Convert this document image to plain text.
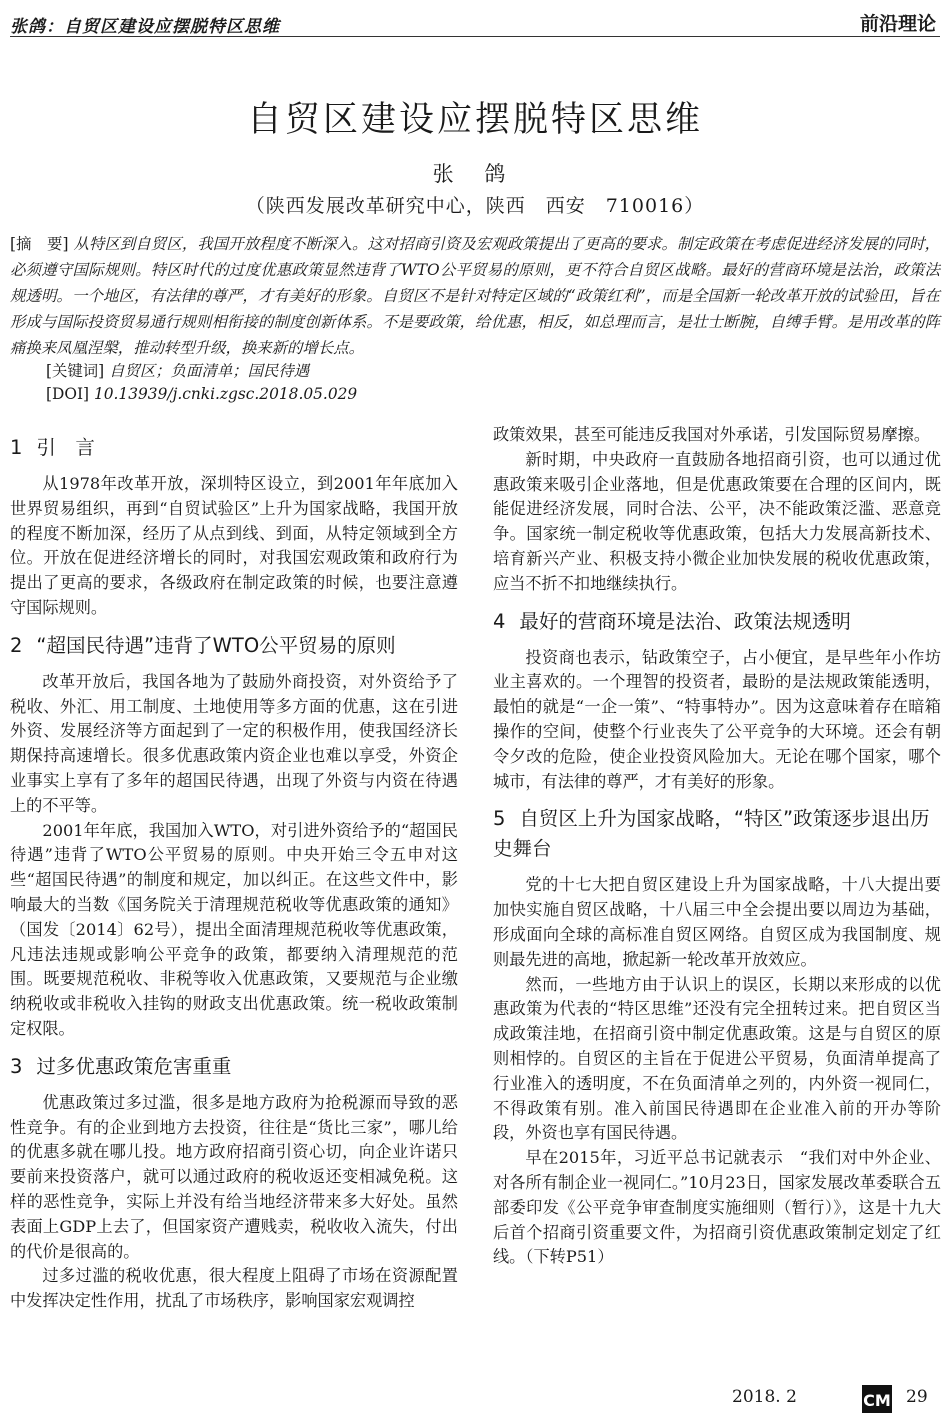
张鸽：自贸区建设应摆脱特区思维	前沿理论
自贸区建设应摆脱特区思维
张 鸽
（陕西发展改革研究中心，陕西　西安　710016）
[摘　要] 从特区到自贸区，我国开放程度不断深入。这对招商引资及宏观政策提出了更高的要求。制定政策在考虑促进经济发展的同时，必须遵守国际规则。特区时代的过度优惠政策显然违背了WTO公平贸易的原则，更不符合自贸区战略。最好的营商环境是法治，政策法规透明。一个地区，有法律的尊严，才有美好的形象。自贸区不是针对特定区域的“政策红利”，而是全国新一轮改革开放的试验田，旨在形成与国际投资贸易通行规则相衔接的制度创新体系。不是要政策，给优惠，相反，如总理而言，是壮士断腕，自缚手臂。是用改革的阵痛换来凤凰涅槃，推动转型升级，换来新的增长点。
[关键词] 自贸区；负面清单；国民待遇
[DOI] 10.13939/j.cnki.zgsc.2018.05.029
1 引　言

从1978年改革开放，深圳特区设立，到2001年年底加入世界贸易组织，再到“自贸试验区”上升为国家战略，我国开放的程度不断加深，经历了从点到线、到面，从特定领域到全方位。开放在促进经济增长的同时，对我国宏观政策和政府行为提出了更高的要求，各级政府在制定政策的时候，也要注意遵守国际规则。

2 “超国民待遇”违背了WTO公平贸易的原则

改革开放后，我国各地为了鼓励外商投资，对外资给予了税收、外汇、用工制度、土地使用等多方面的优惠，这在引进外资、发展经济等方面起到了一定的积极作用，使我国经济长期保持高速增长。很多优惠政策内资企业也难以享受，外资企业事实上享有了多年的超国民待遇，出现了外资与内资在待遇上的不平等。

2001年年底，我国加入WTO，对引进外资给予的“超国民待遇”违背了WTO公平贸易的原则。中央开始三令五申对这些“超国民待遇”的制度和规定，加以纠正。在这些文件中，影响最大的当数《国务院关于清理规范税收等优惠政策的通知》（国发〔2014〕62号），提出全面清理规范税收等优惠政策，凡违法违规或影响公平竞争的政策，都要纳入清理规范的范围。既要规范税收、非税等收入优惠政策，又要规范与企业缴纳税收或非税收入挂钩的财政支出优惠政策。统一税收政策制定权限。

3 过多优惠政策危害重重

优惠政策过多过滥，很多是地方政府为抢税源而导致的恶性竞争。有的企业到地方去投资，往往是“货比三家”，哪儿给的优惠多就在哪儿投。地方政府招商引资心切，向企业许诺只要前来投资落户，就可以通过政府的税收返还变相减免税。这样的恶性竞争，实际上并没有给当地经济带来多大好处。虽然表面上GDP上去了，但国家资产遭贱卖，税收收入流失，付出的代价是很高的。

过多过滥的税收优惠，很大程度上阻碍了市场在资源配置中发挥决定性作用，扰乱了市场秩序，影响国家宏观调控

政策效果，甚至可能违反我国对外承诺，引发国际贸易摩擦。

新时期，中央政府一直鼓励各地招商引资，也可以通过优惠政策来吸引企业落地，但是优惠政策要在合理的区间内，既能促进经济发展，同时合法、公平，决不能政策泛滥、恶意竞争。国家统一制定税收等优惠政策，包括大力发展高新技术、培育新兴产业、积极支持小微企业加快发展的税收优惠政策，应当不折不扣地继续执行。

4 最好的营商环境是法治、政策法规透明

投资商也表示，钻政策空子，占小便宜，是早些年小作坊业主喜欢的。一个理智的投资者，最盼的是法规政策能透明，最怕的就是“一企一策”、“特事特办”。因为这意味着存在暗箱操作的空间，使整个行业丧失了公平竞争的大环境。还会有朝令夕改的危险，使企业投资风险加大。无论在哪个国家，哪个城市，有法律的尊严，才有美好的形象。

5 自贸区上升为国家战略，“特区”政策逐步退出历史舞台

党的十七大把自贸区建设上升为国家战略，十八大提出要加快实施自贸区战略，十八届三中全会提出要以周边为基础，形成面向全球的高标准自贸区网络。自贸区成为我国制度、规则最先进的高地，掀起新一轮改革开放效应。

然而，一些地方由于认识上的误区，长期以来形成的以优惠政策为代表的“特区思维”还没有完全扭转过来。把自贸区当成政策洼地，在招商引资中制定优惠政策。这是与自贸区的原则相悖的。自贸区的主旨在于促进公平贸易，负面清单提高了行业准入的透明度，不在负面清单之列的，内外资一视同仁，不得政策有别。准入前国民待遇即在企业准入前的开办等阶段，外资也享有国民待遇。

早在2015年，习近平总书记就表示　“我们对中外企业、对各所有制企业一视同仁。”10月23日，国家发展改革委联合五部委印发《公平竞争审查制度实施细则（暂行）》，这是十九大后首个招商引资重要文件，为招商引资优惠政策制定划定了红线。（下转P51）

2018. 2	CM 29
